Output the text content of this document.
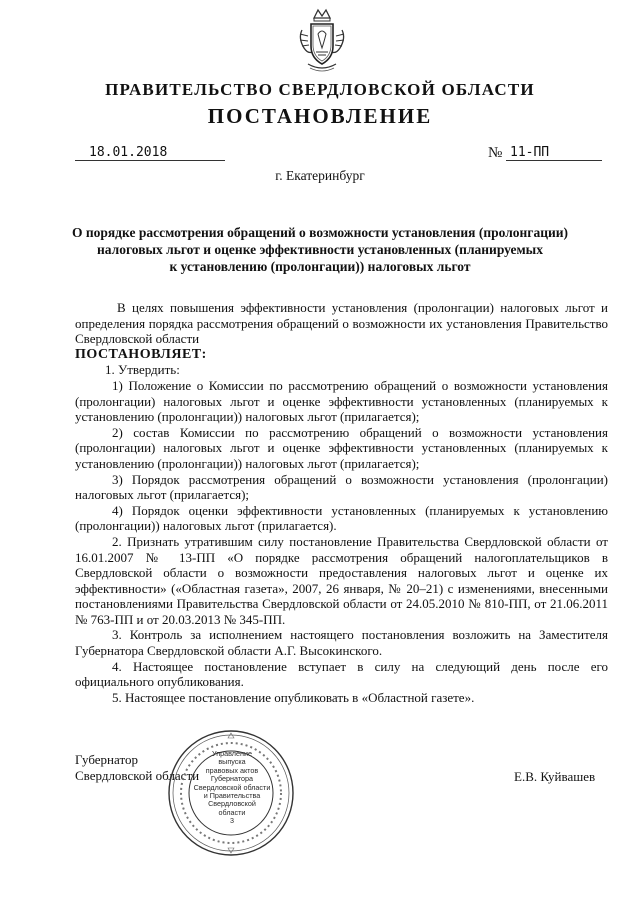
ПРАВИТЕЛЬСТВО СВЕРДЛОВСКОЙ ОБЛАСТИ
ПОСТАНОВЛЕНИЕ
18.01.2018	№ 11-ПП
г. Екатеринбург
О порядке рассмотрения обращений о возможности установления (пролонгации)
налоговых льгот и оценке эффективности установленных (планируемых
к установлению (пролонгации)) налоговых льгот

В целях повышения эффективности установления (пролонгации) налоговых льгот и определения порядка рассмотрения обращений о возможности их установления Правительство Свердловской области

ПОСТАНОВЛЯЕТ:

1. Утвердить:

1) Положение о Комиссии по рассмотрению обращений о возможности установления (пролонгации) налоговых льгот и оценке эффективности установленных (планируемых к установлению (пролонгации)) налоговых льгот (прилагается);

2) состав Комиссии по рассмотрению обращений о возможности установления (пролонгации) налоговых льгот и оценке эффективности установленных (планируемых к установлению (пролонгации)) налоговых льгот (прилагается);

3) Порядок рассмотрения обращений о возможности установления (пролонгации) налоговых льгот (прилагается);

4) Порядок оценки эффективности установленных (планируемых к установлению (пролонгации)) налоговых льгот (прилагается).

2. Признать утратившим силу постановление Правительства Свердловской области от 16.01.2007 № 13-ПП «О порядке рассмотрения обращений налогоплательщиков в Свердловской области о возможности предоставления налоговых льгот и оценке их эффективности» («Областная газета», 2007, 26 января, № 20–21) с изменениями, внесенными постановлениями Правительства Свердловской области от 24.05.2010 № 810-ПП, от 21.06.2011 № 763-ПП и от 20.03.2013 № 345-ПП.

3. Контроль за исполнением настоящего постановления возложить на Заместителя Губернатора Свердловской области А.Г. Высокинского.

4. Настоящее постановление вступает в силу на следующий день после его официального опубликования.

5. Настоящее постановление опубликовать в «Областной газете».

Губернатор
Свердловской области	Е.В. Куйвашев
Управление
выпуска
правовых актов
Губернатора
Свердловской области
и Правительства
Свердловской
области
3
